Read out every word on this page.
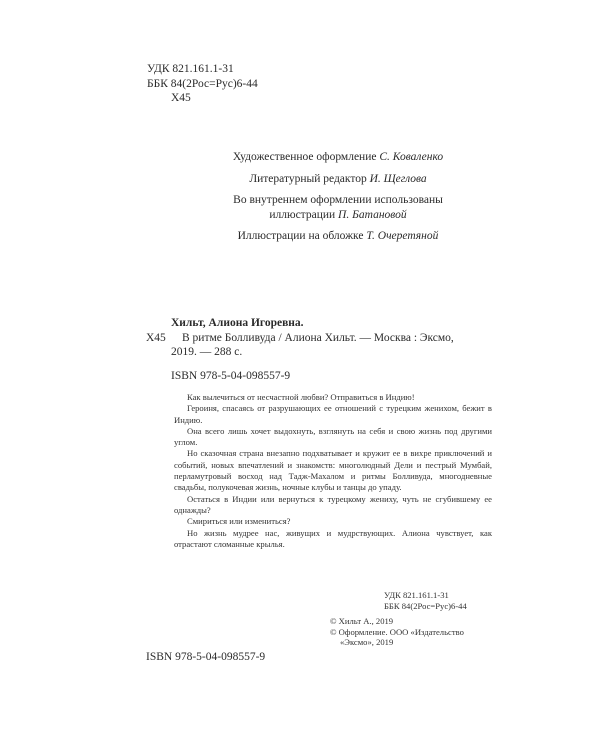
УДК 821.161.1-31
ББК 84(2Рос=Рус)6-44
Х45
Художественное оформление С. Коваленко
Литературный редактор И. Щеглова
Во внутреннем оформлении использованы
иллюстрации П. Батановой
Иллюстрации на обложке Т. Очеретяной
Хильт, Алиона Игоревна.
Х45	В ритме Болливуда / Алиона Хильт. — Москва : Эксмо,
2019. — 288 с.
ISBN 978-5-04-098557-9

Как вылечиться от несчастной любви? Отправиться в Индию!

Героиня, спасаясь от разрушающих ее отношений с турецким женихом, бежит в Индию.

Она всего лишь хочет выдохнуть, взглянуть на себя и свою жизнь под другими углом.

Но сказочная страна внезапно подхватывает и кружит ее в вихре приключений и событий, новых впечатлений и знакомств: многолюдный Дели и пестрый Мумбай, перламутровый восход над Тадж-Махалом и ритмы Болливуда, многодневные свадьбы, полукочевая жизнь, ночные клубы и танцы до упаду.

Остаться в Индии или вернуться к турецкому жениху, чуть не сгубившему ее однажды?

Смириться или измениться?

Но жизнь мудрее нас, живущих и мудрствующих. Алиона чувствует, как отрастают сломанные крылья.

УДК 821.161.1-31
ББК 84(2Рос=Рус)6-44
© Хильт А., 2019
© Оформление. ООО «Издательство
«Эксмо», 2019
ISBN 978-5-04-098557-9
